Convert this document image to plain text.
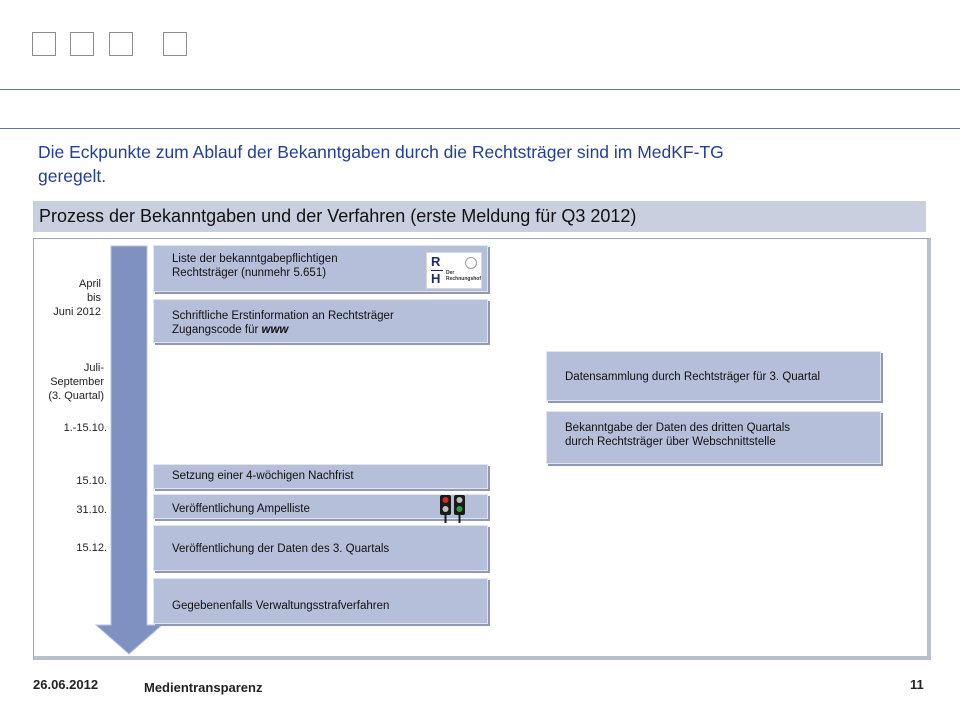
Die Eckpunkte zum Ablauf der Bekanntgaben durch die Rechtsträger sind im MedKF-TG
geregelt.
Prozess der Bekanntgaben und der Verfahren (erste Meldung für Q3 2012)
April
bis
Juni 2012
Juli-
September
(3. Quartal)
1.-15.10.
15.10.
31.10.
15.12.
Liste der bekanntgabepflichtigen
Rechtsträger (nunmehr 5.651)
R
H Der
Rechnungshof
Schriftliche Erstinformation an Rechtsträger
Zugangscode für www
Setzung einer 4-wöchigen Nachfrist
Veröffentlichung Ampelliste
Veröffentlichung der Daten des 3. Quartals
Gegebenenfalls Verwaltungsstrafverfahren
Datensammlung durch Rechtsträger für 3. Quartal
Bekanntgabe der Daten des dritten Quartals
durch Rechtsträger über Webschnittstelle
26.06.2012	Medientransparenz	11
